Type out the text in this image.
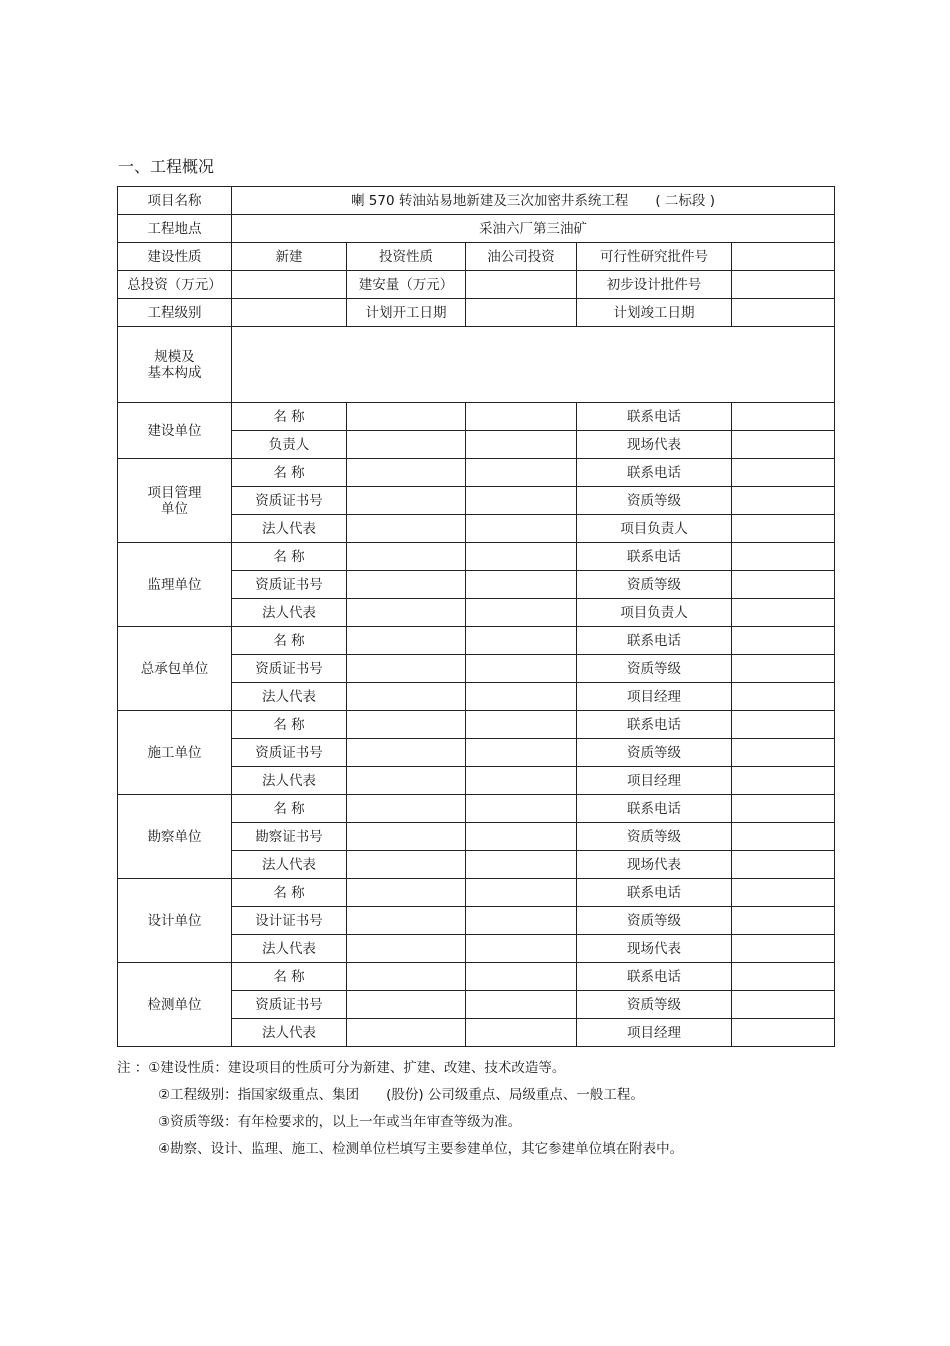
一、工程概况
项目名称	喇 570 转油站易地新建及三次加密井系统工程　　( 二标段 )				
工程地点	采油六厂第三油矿				
建设性质	新建	投资性质	油公司投资	可行性研究批件号	
总投资（万元）		建安量（万元）		初步设计批件号	
工程级别		计划开工日期		计划竣工日期	
规模及
基本构成					
建设单位	名 称			联系电话	
	负责人			现场代表	
项目管理单位	名 称			联系电话	
	资质证书号			资质等级	
	法人代表			项目负责人	
监理单位	名 称			联系电话	
	资质证书号			资质等级	
	法人代表			项目负责人	
总承包单位	名 称			联系电话	
	资质证书号			资质等级	
	法人代表			项目经理	
施工单位	名 称			联系电话	
	资质证书号			资质等级	
	法人代表			项目经理	
勘察单位	名 称			联系电话	
	勘察证书号			资质等级	
	法人代表			现场代表	
设计单位	名 称			联系电话	
	设计证书号			资质等级	
	法人代表			现场代表	
检测单位	名 称			联系电话	
	资质证书号			资质等级	
	法人代表			项目经理	
注 ：①建设性质：建设项目的性质可分为新建、扩建、改建、技术改造等。
②工程级别：指国家级重点、集团　　(股份) 公司级重点、局级重点、一般工程。
③资质等级：有年检要求的，以上一年或当年审查等级为准。
④勘察、设计、监理、施工、检测单位栏填写主要参建单位，其它参建单位填在附表中。
